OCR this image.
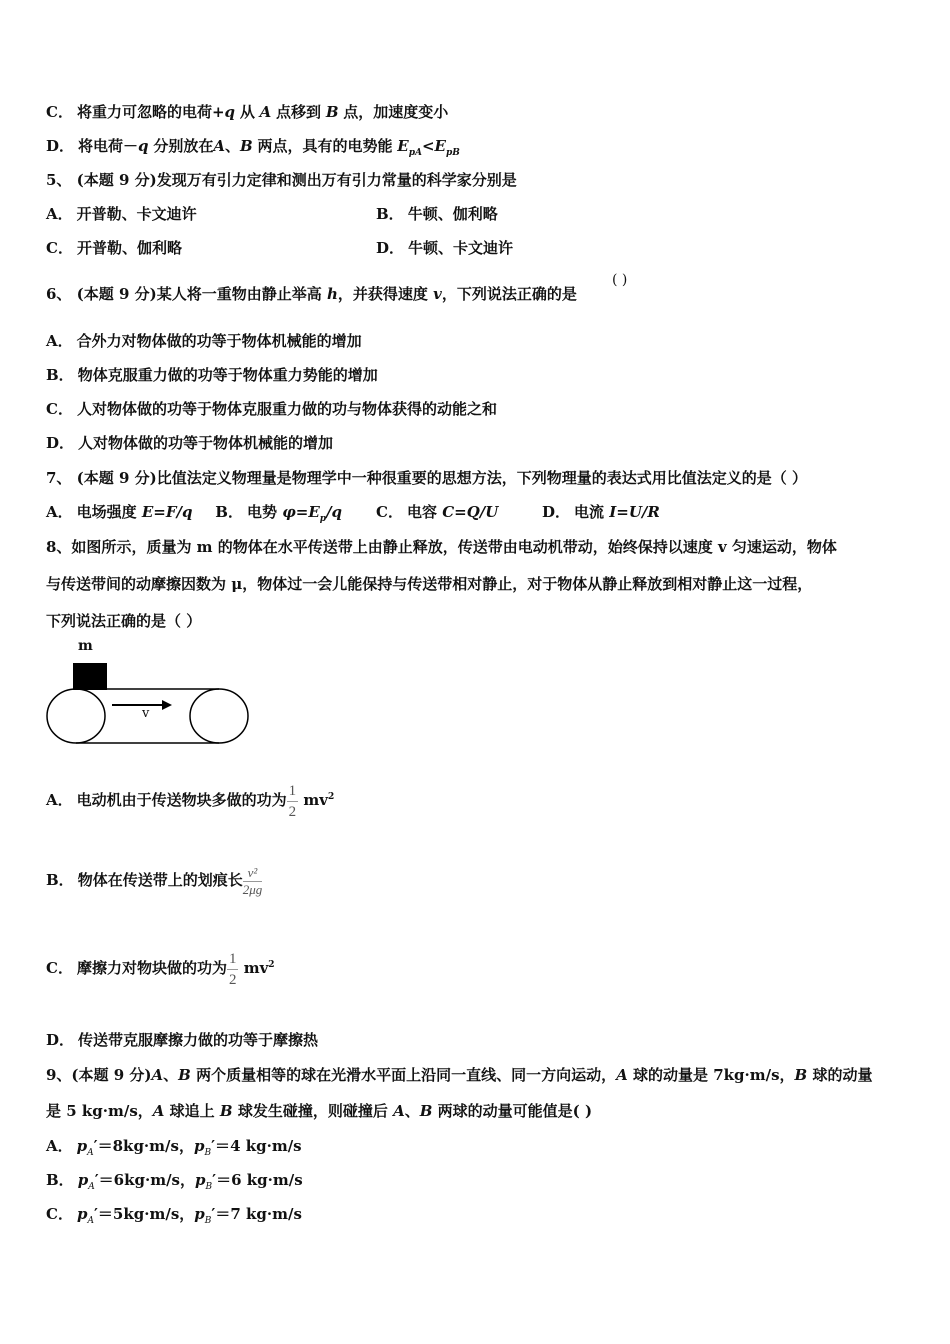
C． 将重力可忽略的电荷+q 从 A 点移到 B 点，加速度变小
D． 将电荷－q 分别放在A、B 两点，具有的电势能 $E_{pA}<E_{pB}$
5、 (本题 9 分)发现万有引力定律和测出万有引力常量的科学家分别是
A． 开普勒、卡文迪许	B． 牛顿、伽利略
C． 开普勒、伽利略	D． 牛顿、卡文迪许
6、 (本题 9 分)某人将一重物由静止举高 h，并获得速度 v，下列说法正确的是
( )
A． 合外力对物体做的功等于物体机械能的增加
B． 物体克服重力做的功等于物体重力势能的增加
C． 人对物体做的功等于物体克服重力做的功与物体获得的动能之和
D． 人对物体做的功等于物体机械能的增加
7、 (本题 9 分)比值法定义物理量是物理学中一种很重要的思想方法，下列物理量的表达式用比值法定义的是（ ）
A． 电场强度 E=F/q B． 电势 $\varphi=E_p/q$ C． 电容 C=Q/U	D． 电流 I=U/R
8、如图所示，质量为 m 的物体在水平传送带上由静止释放，传送带由电动机带动，始终保持以速度 v 匀速运动，物体
与传送带间的动摩擦因数为 μ，物体过一会儿能保持与传送带相对静止，对于物体从静止释放到相对静止这一过程，
下列说法正确的是（ ）
m
v
A． 电动机由于传送物块多做的功为 $\frac{1}{2} mv^2$
B． 物体在传送带上的划痕长 $\frac{\text{v²}}{2\mu g}$
C． 摩擦力对物块做的功为 $\frac{1}{2} mv^2$
D． 传送带克服摩擦力做的功等于摩擦热
9、(本题 9 分)A、B 两个质量相等的球在光滑水平面上沿同一直线、同一方向运动，A 球的动量是 7kg·m/s，B 球的动量
是 5 kg·m/s，A 球追上 B 球发生碰撞，则碰撞后 A、B 两球的动量可能值是( )
A． $p_A'=8kg\cdot m/s$，$p_B'=4$ kg·m/s
B． $p_A'=6kg\cdot m/s$，$p_B'=6$ kg·m/s
C． $p_A'=5kg\cdot m/s$，$p_B'=7$ kg·m/s
